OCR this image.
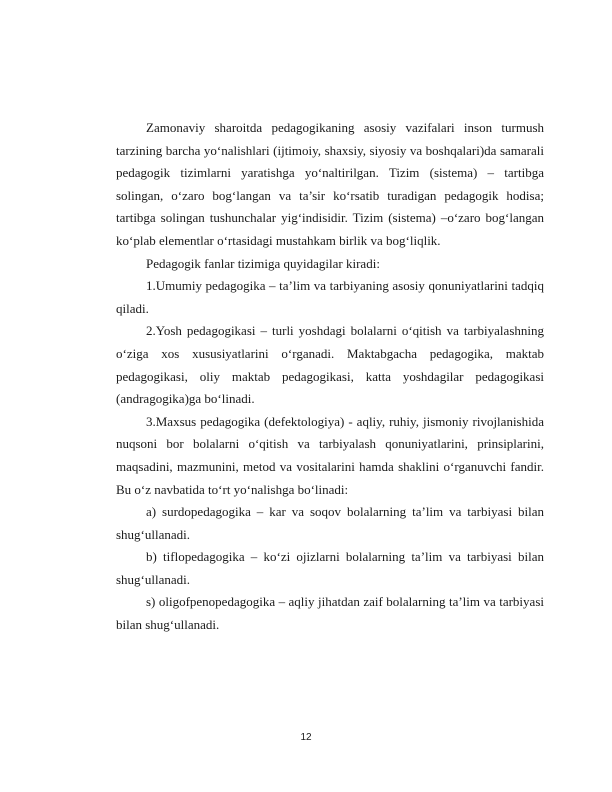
Zamonaviy sharoitda pedagogikaning asosiy vazifalari inson turmush tarzining barcha yo‘nalishlari (ijtimoiy, shaxsiy, siyosiy va boshqalari)da samarali pedagogik tizimlarni yaratishga yo‘naltirilgan. Tizim (sistema) – tartibga solingan, o‘zaro bog‘langan va ta’sir ko‘rsatib turadigan pedagogik hodisa; tartibga solingan tushunchalar yig‘indisidir. Tizim (sistema) –o‘zaro bog‘langan ko‘plab elementlar o‘rtasidagi mustahkam birlik va bog‘liqlik.

Pedagogik fanlar tizimiga quyidagilar kiradi:

1.Umumiy pedagogika – ta’lim va tarbiyaning asosiy qonuniyatlarini tadqiq qiladi.

2.Yosh pedagogikasi – turli yoshdagi bolalarni o‘qitish va tarbiyalashning o‘ziga xos xususiyatlarini o‘rganadi. Maktabgacha pedagogika, maktab pedagogikasi, oliy maktab pedagogikasi, katta yoshdagilar pedagogikasi (andragogika)ga bo‘linadi.

3.Maxsus pedagogika (defektologiya) - aqliy, ruhiy, jismoniy rivojlanishida nuqsoni bor bolalarni o‘qitish va tarbiyalash qonuniyatlarini, prinsiplarini, maqsadini, mazmunini, metod va vositalarini hamda shaklini o‘rganuvchi fandir. Bu o‘z navbatida to‘rt yo‘nalishga bo‘linadi:

a) surdopedagogika – kar va soqov bolalarning ta’lim va tarbiyasi bilan shug‘ullanadi.

b) tiflopedagogika – ko‘zi ojizlarni bolalarning ta’lim va tarbiyasi bilan shug‘ullanadi.

s) oligofpenopedagogika – aqliy jihatdan zaif bolalarning ta’lim va tarbiyasi bilan shug‘ullanadi.

12
